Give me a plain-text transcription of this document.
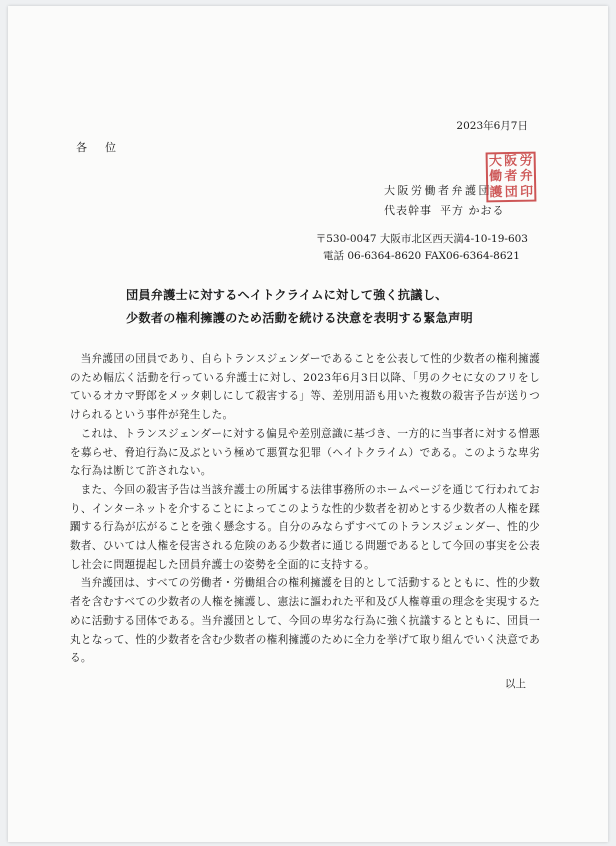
2023年6月7日
各位
大阪労働者弁護団
代表幹事 平方 かおる
大 阪 労
働 者 弁
護 団 印
〒530-0047 大阪市北区西天満4-10-19-603
電話 06-6364-8620 FAX06-6364-8621
団員弁護士に対するヘイトクライムに対して強く抗議し、
少数者の権利擁護のため活動を続ける決意を表明する緊急声明

当弁護団の団員であり、自らトランスジェンダーであることを公表して性的少数者の権利擁護のため幅広く活動を行っている弁護士に対し、2023年6月3日以降、「男のクセに女のフリをしているオカマ野郎をメッタ刺しにして殺害する」等、差別用語も用いた複数の殺害予告が送りつけられるという事件が発生した。

これは、トランスジェンダーに対する偏見や差別意識に基づき、一方的に当事者に対する憎悪を募らせ、脅迫行為に及ぶという極めて悪質な犯罪（ヘイトクライム）である。このような卑劣な行為は断じて許されない。

また、今回の殺害予告は当該弁護士の所属する法律事務所のホームページを通じて行われており、インターネットを介することによってこのような性的少数者を初めとする少数者の人権を蹂躙する行為が広がることを強く懸念する。自分のみならずすべてのトランスジェンダー、性的少数者、ひいては人権を侵害される危険のある少数者に通じる問題であるとして今回の事実を公表し社会に問題提起した団員弁護士の姿勢を全面的に支持する。

当弁護団は、すべての労働者・労働組合の権利擁護を目的として活動するとともに、性的少数者を含むすべての少数者の人権を擁護し、憲法に謳われた平和及び人権尊重の理念を実現するために活動する団体である。当弁護団として、今回の卑劣な行為に強く抗議するとともに、団員一丸となって、性的少数者を含む少数者の権利擁護のために全力を挙げて取り組んでいく決意である。

以上
